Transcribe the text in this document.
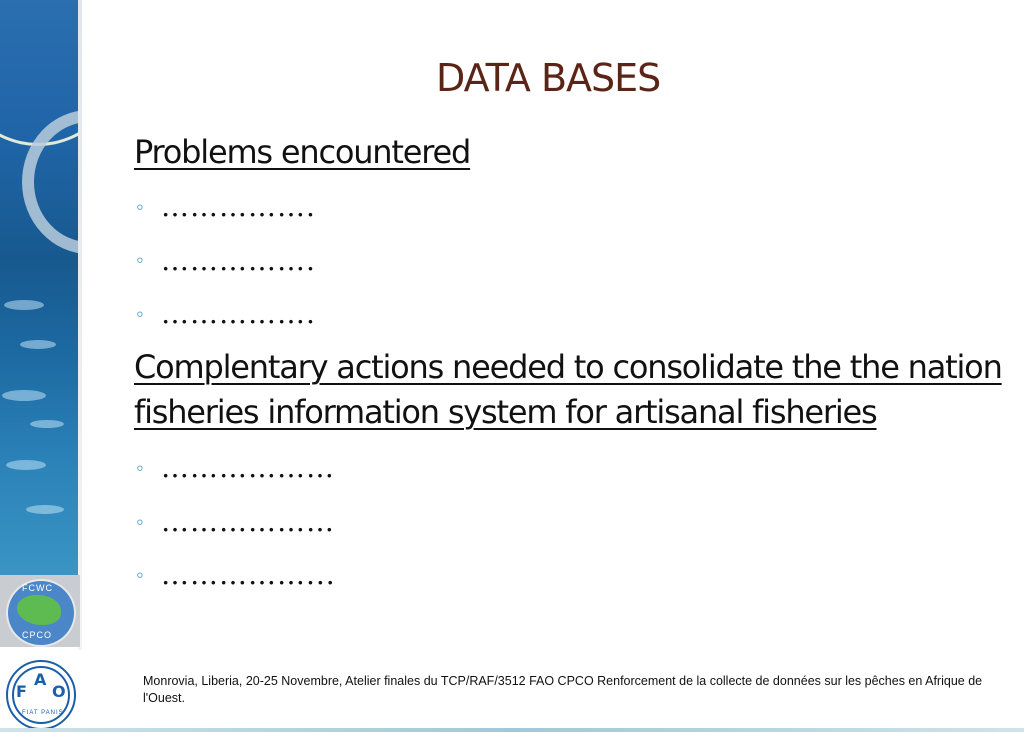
FCWC
CPCO
F
A
O
FIAT PANIS
DATA BASES
Problems encountered
◦ …………….
◦ …………….
◦ …………….
Complentary actions needed to consolidate the the nation
fisheries information system for artisanal fisheries
◦ ………………
◦ ………………
◦ ……………...
Monrovia, Liberia, 20-25 Novembre, Atelier finales du TCP/RAF/3512 FAO CPCO Renforcement de la collecte de données sur les pêches en Afrique de l'Ouest.
